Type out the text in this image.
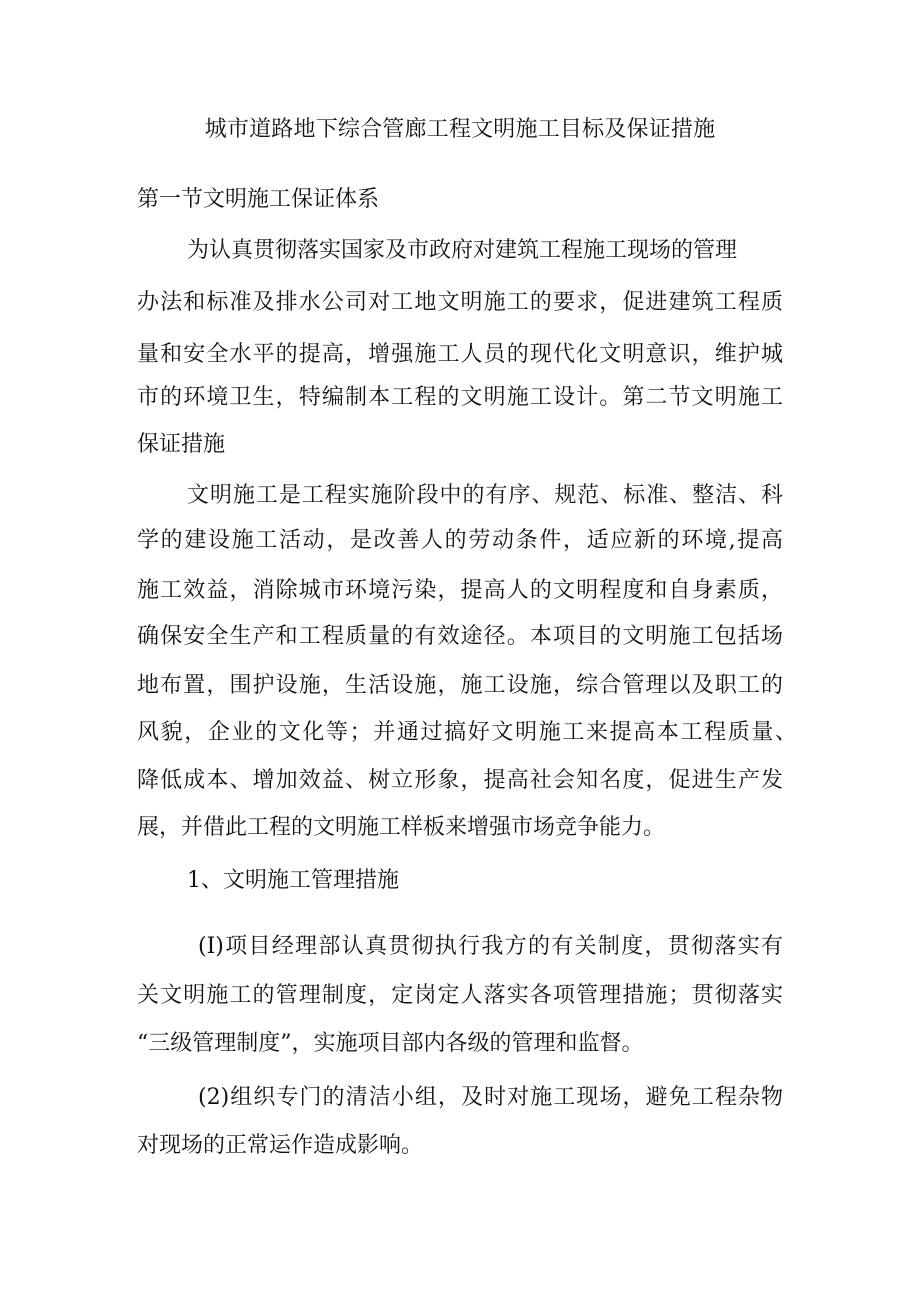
城市道路地下综合管廊工程文明施工目标及保证措施
第一节文明施工保证体系
为认真贯彻落实国家及市政府对建筑工程施工现场的管理
办法和标准及排水公司对工地文明施工的要求，促进建筑工程质
量和安全水平的提高，增强施工人员的现代化文明意识，维护城
市的环境卫生，特编制本工程的文明施工设计。第二节文明施工
保证措施
文明施工是工程实施阶段中的有序、规范、标准、整洁、科
学的建设施工活动，是改善人的劳动条件，适应新的环境,提高
施工效益，消除城市环境污染，提高人的文明程度和自身素质，
确保安全生产和工程质量的有效途径。本项目的文明施工包括场
地布置，围护设施，生活设施，施工设施，综合管理以及职工的
风貌，企业的文化等；并通过搞好文明施工来提高本工程质量、
降低成本、增加效益、树立形象，提高社会知名度，促进生产发
展，并借此工程的文明施工样板来增强市场竞争能力。
1、文明施工管理措施
(I)项目经理部认真贯彻执行我方的有关制度，贯彻落实有
关文明施工的管理制度，定岗定人落实各项管理措施；贯彻落实
“三级管理制度”，实施项目部内各级的管理和监督。
(2)组织专门的清洁小组，及时对施工现场，避免工程杂物
对现场的正常运作造成影响。
